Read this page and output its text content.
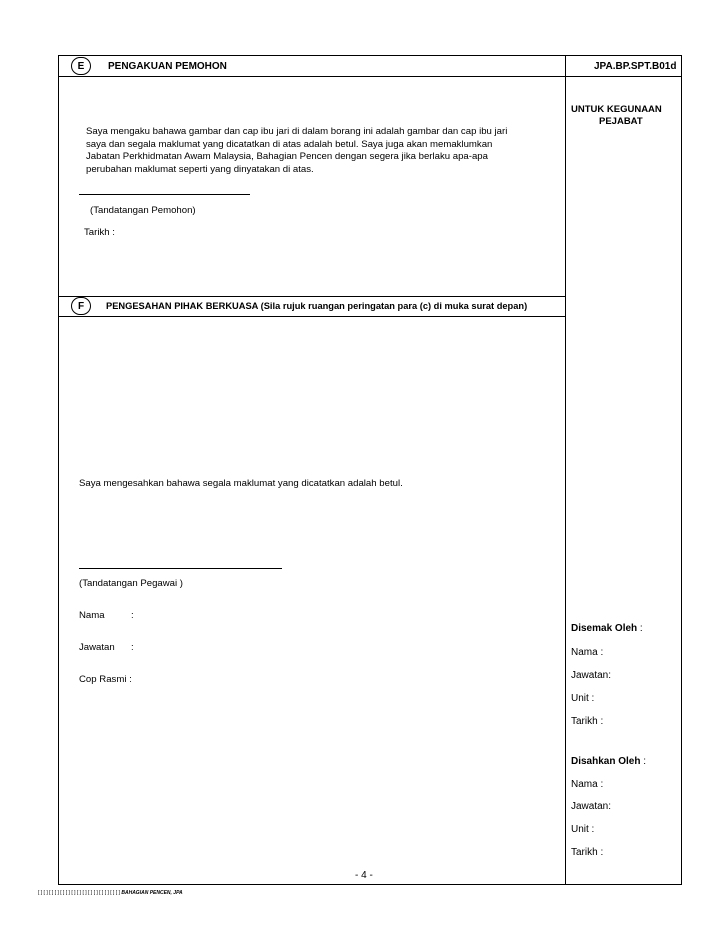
E	PENGAKUAN PEMOHON	JPA.BP.SPT.B01d
UNTUK KEGUNAAN
PEJABAT
Saya mengaku bahawa gambar dan cap ibu jari di dalam borang ini adalah gambar dan cap ibu jari
saya dan segala maklumat yang dicatatkan di atas adalah betul. Saya juga akan memaklumkan
Jabatan Perkhidmatan Awam Malaysia, Bahagian Pencen dengan segera jika berlaku apa-apa
perubahan maklumat seperti yang dinyatakan di atas.
(Tandatangan Pemohon)
Tarikh :
F	PENGESAHAN PIHAK BERKUASA (Sila rujuk ruangan peringatan para (c) di muka surat depan)
Saya mengesahkan bahawa segala maklumat yang dicatatkan adalah betul.
(Tandatangan Pegawai )
Nama	:
Jawatan :
Cop Rasmi :
Disemak Oleh :
Nama :
Jawatan:
Unit :
Tarikh :
Disahkan Oleh :
Nama :
Jawatan:
Unit :
Tarikh :
- 4 -
[ ] [ ] [ ] [ ] [ ] [ ] [ ] [ ] [ ] [ ] [ ] [ ] [ ] [ ] [ ] BAHAGIAN PENCEN, JPA
